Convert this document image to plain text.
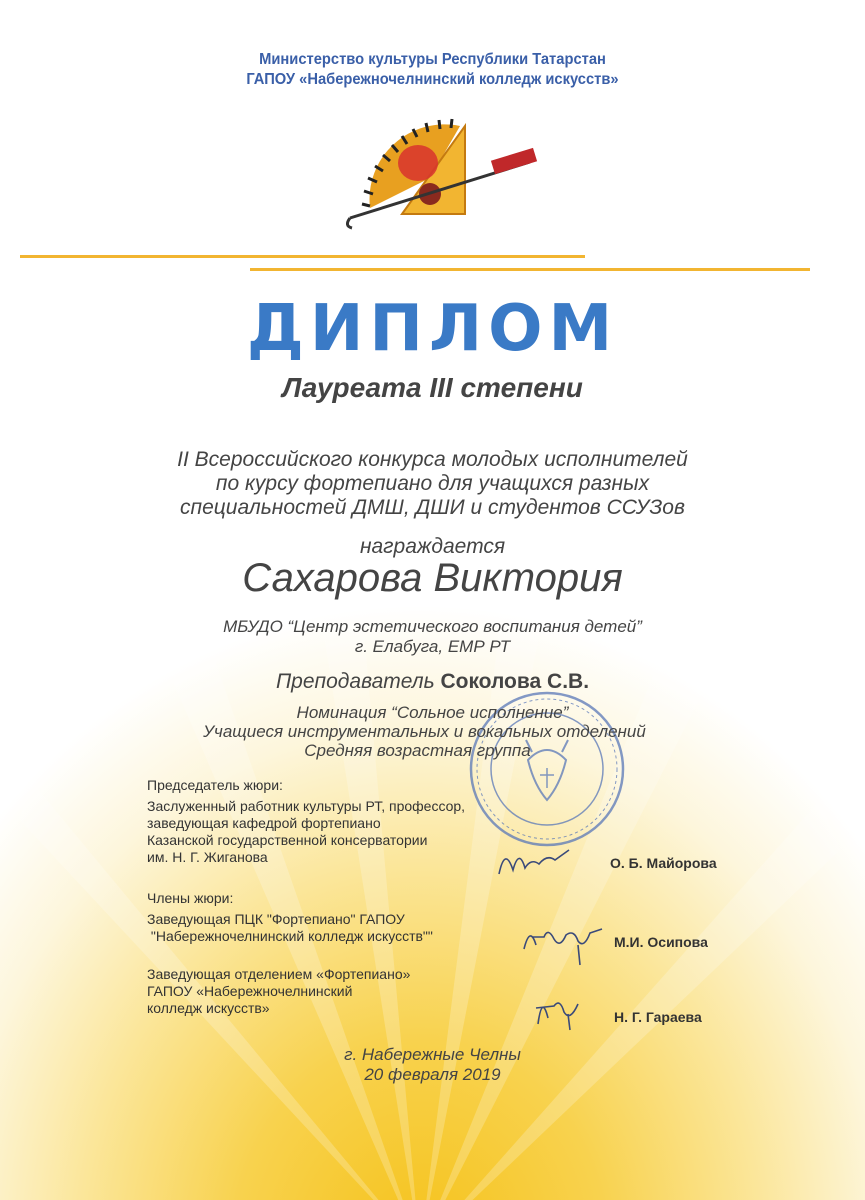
Министерство культуры Республики Татарстан
ГАПОУ «Набережночелнинский колледж искусств»
ДИПЛОМ
Лауреата III степени
II Всероссийского конкурса молодых исполнителей
по курсу фортепиано для учащихся разных
специальностей ДМШ, ДШИ и студентов ССУЗов
награждается
Сахарова Виктория
МБУДО “Центр эстетического воспитания детей”
г. Елабуга, ЕМР РТ
Преподаватель Соколова С.В.
Номинация “Сольное исполнение”
Учащиеся инструментальных и вокальных отделений
Средняя возрастная группа
Председатель жюри:
Заслуженный работник культуры РТ, профессор,
заведующая кафедрой фортепиано
Казанской государственной консерватории
им. Н. Г. Жиганова	О. Б. Майорова
Члены жюри:
Заведующая ПЦК "Фортепиано" ГАПОУ
"Набережночелнинский колледж искусств""	М.И. Осипова
Заведующая отделением «Фортепиано»
ГАПОУ «Набережночелнинский
колледж искусств»
Н. Г. Гараева
г. Набережные Челны
20 февраля 2019
